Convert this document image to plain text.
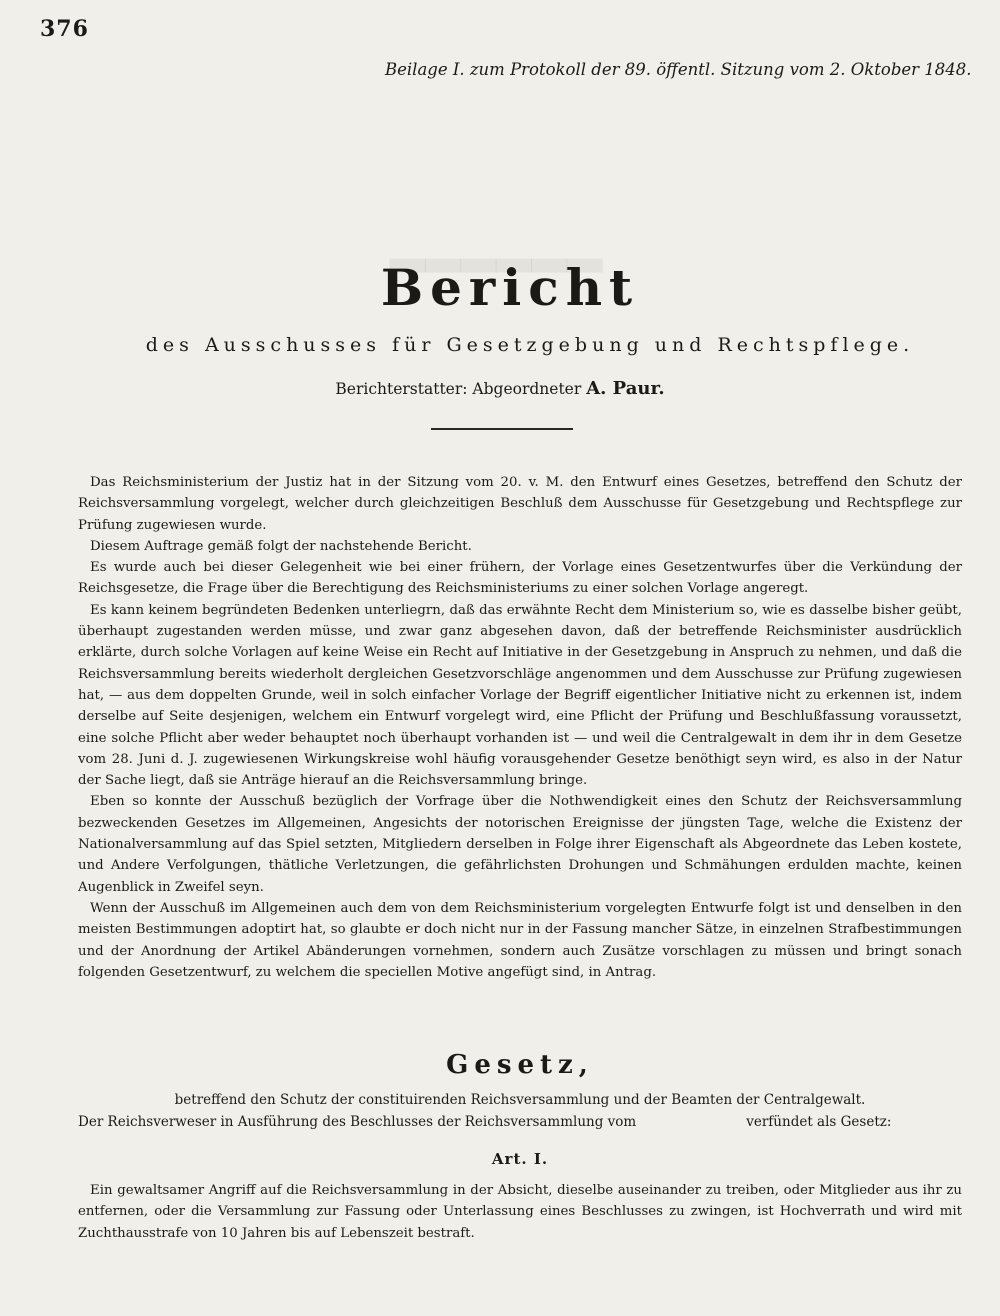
▂▂▂▂▂▂
376
Beilage I. zum Protokoll der 89. öffentl. Sitzung vom 2. Oktober 1848.
Bericht
des Ausschusses für Gesetzgebung und Rechtspflege.
Berichterstatter: Abgeordneter A. Paur.

Das Reichsministerium der Justiz hat in der Sitzung vom 20. v. M. den Entwurf eines Gesetzes, betreffend den Schutz der Reichsversammlung vorgelegt, welcher durch gleichzeitigen Beschluß dem Ausschusse für Gesetzgebung und Rechtspflege zur Prüfung zugewiesen wurde.

Diesem Auftrage gemäß folgt der nachstehende Bericht.

Es wurde auch bei dieser Gelegenheit wie bei einer frühern, der Vorlage eines Gesetzentwurfes über die Verkündung der Reichsgesetze, die Frage über die Berechtigung des Reichsministeriums zu einer solchen Vorlage angeregt.

Es kann keinem begründeten Bedenken unterliegrn, daß das erwähnte Recht dem Ministerium so, wie es dasselbe bisher geübt, überhaupt zugestanden werden müsse, und zwar ganz abgesehen davon, daß der betreffende Reichsminister ausdrücklich erklärte, durch solche Vorlagen auf keine Weise ein Recht auf Initiative in der Gesetzgebung in Anspruch zu nehmen, und daß die Reichsversammlung bereits wiederholt dergleichen Gesetzvorschläge angenommen und dem Ausschusse zur Prüfung zugewiesen hat, — aus dem doppelten Grunde, weil in solch einfacher Vorlage der Begriff eigentlicher Initiative nicht zu erkennen ist, indem derselbe auf Seite desjenigen, welchem ein Entwurf vorgelegt wird, eine Pflicht der Prüfung und Beschlußfassung voraussetzt, eine solche Pflicht aber weder behauptet noch überhaupt vorhanden ist — und weil die Centralgewalt in dem ihr in dem Gesetze vom 28. Juni d. J. zugewiesenen Wirkungskreise wohl häufig vorausgehender Gesetze benöthigt seyn wird, es also in der Natur der Sache liegt, daß sie Anträge hierauf an die Reichsversammlung bringe.

Eben so konnte der Ausschuß bezüglich der Vorfrage über die Nothwendigkeit eines den Schutz der Reichsversammlung bezweckenden Gesetzes im Allgemeinen, Angesichts der notorischen Ereignisse der jüngsten Tage, welche die Existenz der Nationalversammlung auf das Spiel setzten, Mitgliedern derselben in Folge ihrer Eigenschaft als Abgeordnete das Leben kostete, und Andere Verfolgungen, thätliche Verletzungen, die gefährlichsten Drohungen und Schmähungen erdulden machte, keinen Augenblick in Zweifel seyn.

Wenn der Ausschuß im Allgemeinen auch dem von dem Reichsministerium vorgelegten Entwurfe folgt ist und denselben in den meisten Bestimmungen adoptirt hat, so glaubte er doch nicht nur in der Fassung mancher Sätze, in einzelnen Strafbestimmungen und der Anordnung der Artikel Abänderungen vornehmen, sondern auch Zusätze vorschlagen zu müssen und bringt sonach folgenden Gesetzentwurf, zu welchem die speciellen Motive angefügt sind, in Antrag.

Gesetz,
betreffend den Schutz der constituirenden Reichsversammlung und der Beamten der Centralgewalt.
Der Reichsverweser in Ausführung des Beschlusses der Reichsversammlung vom	verfündet als Gesetz:
Art. I.

Ein gewaltsamer Angriff auf die Reichsversammlung in der Absicht, dieselbe auseinander zu treiben, oder Mitglieder aus ihr zu entfernen, oder die Versammlung zur Fassung oder Unterlassung eines Beschlusses zu zwingen, ist Hochverrath und wird mit Zuchthausstrafe von 10 Jahren bis auf Lebenszeit bestraft.
